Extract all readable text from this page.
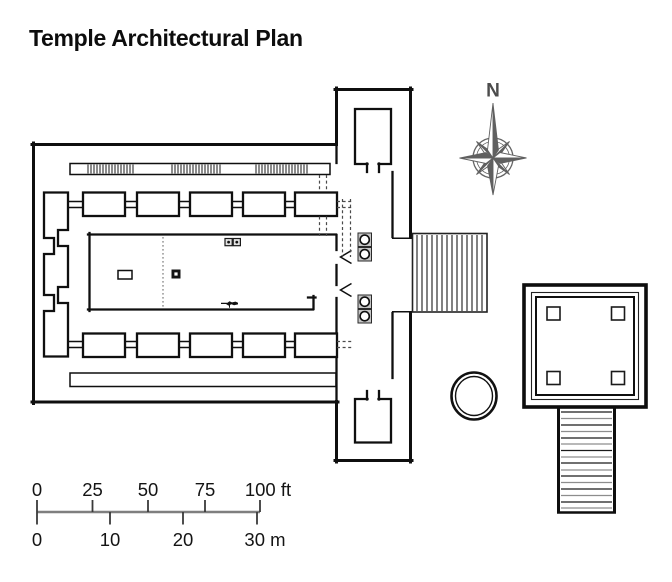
Temple Architectural Plan
N
0 25 50 75 100 ft
0	10	20	30 m
